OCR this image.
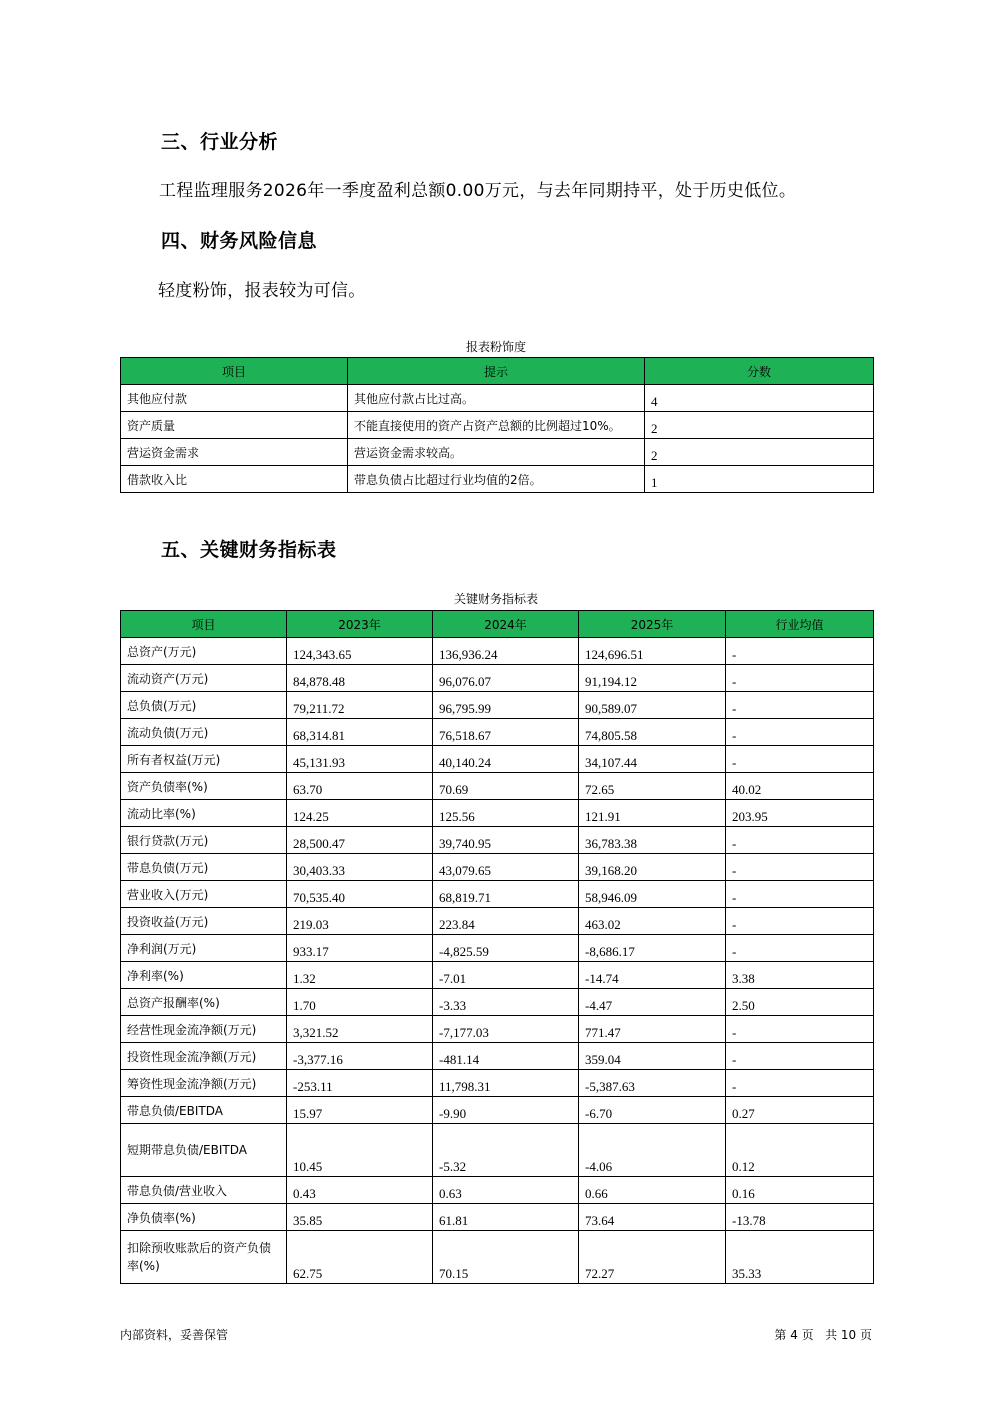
三、行业分析

工程监理服务2026年一季度盈利总额0.00万元，与去年同期持平，处于历史低位。

四、财务风险信息

轻度粉饰，报表较为可信。

报表粉饰度
项目	提示	分数
其他应付款	其他应付款占比过高。	4
资产质量	不能直接使用的资产占资产总额的比例超过10%。	2
营运资金需求	营运资金需求较高。	2
借款收入比	带息负债占比超过行业均值的2倍。	1
五、关键财务指标表
关键财务指标表
项目	2023年	2024年	2025年	行业均值
总资产(万元)	124,343.65	136,936.24	124,696.51	-
流动资产(万元)	84,878.48	96,076.07	91,194.12	-
总负债(万元)	79,211.72	96,795.99	90,589.07	-
流动负债(万元)	68,314.81	76,518.67	74,805.58	-
所有者权益(万元)	45,131.93	40,140.24	34,107.44	-
资产负债率(%)	63.70	70.69	72.65	40.02
流动比率(%)	124.25	125.56	121.91	203.95
银行贷款(万元)	28,500.47	39,740.95	36,783.38	-
带息负债(万元)	30,403.33	43,079.65	39,168.20	-
营业收入(万元)	70,535.40	68,819.71	58,946.09	-
投资收益(万元)	219.03	223.84	463.02	-
净利润(万元)	933.17	-4,825.59	-8,686.17	-
净利率(%)	1.32	-7.01	-14.74	3.38
总资产报酬率(%)	1.70	-3.33	-4.47	2.50
经营性现金流净额(万元)	3,321.52	-7,177.03	771.47	-
投资性现金流净额(万元)	-3,377.16	-481.14	359.04	-
筹资性现金流净额(万元)	-253.11	11,798.31	-5,387.63	-
带息负债/EBITDA	15.97	-9.90	-6.70	0.27
短期带息负债/EBITDA	10.45	-5.32	-4.06	0.12
带息负债/营业收入	0.43	0.63	0.66	0.16
净负债率(%)	35.85	61.81	73.64	-13.78
扣除预收账款后的资产负债率(%)	62.75	70.15	72.27	35.33
内部资料，妥善保管	第 4 页   共 10 页
